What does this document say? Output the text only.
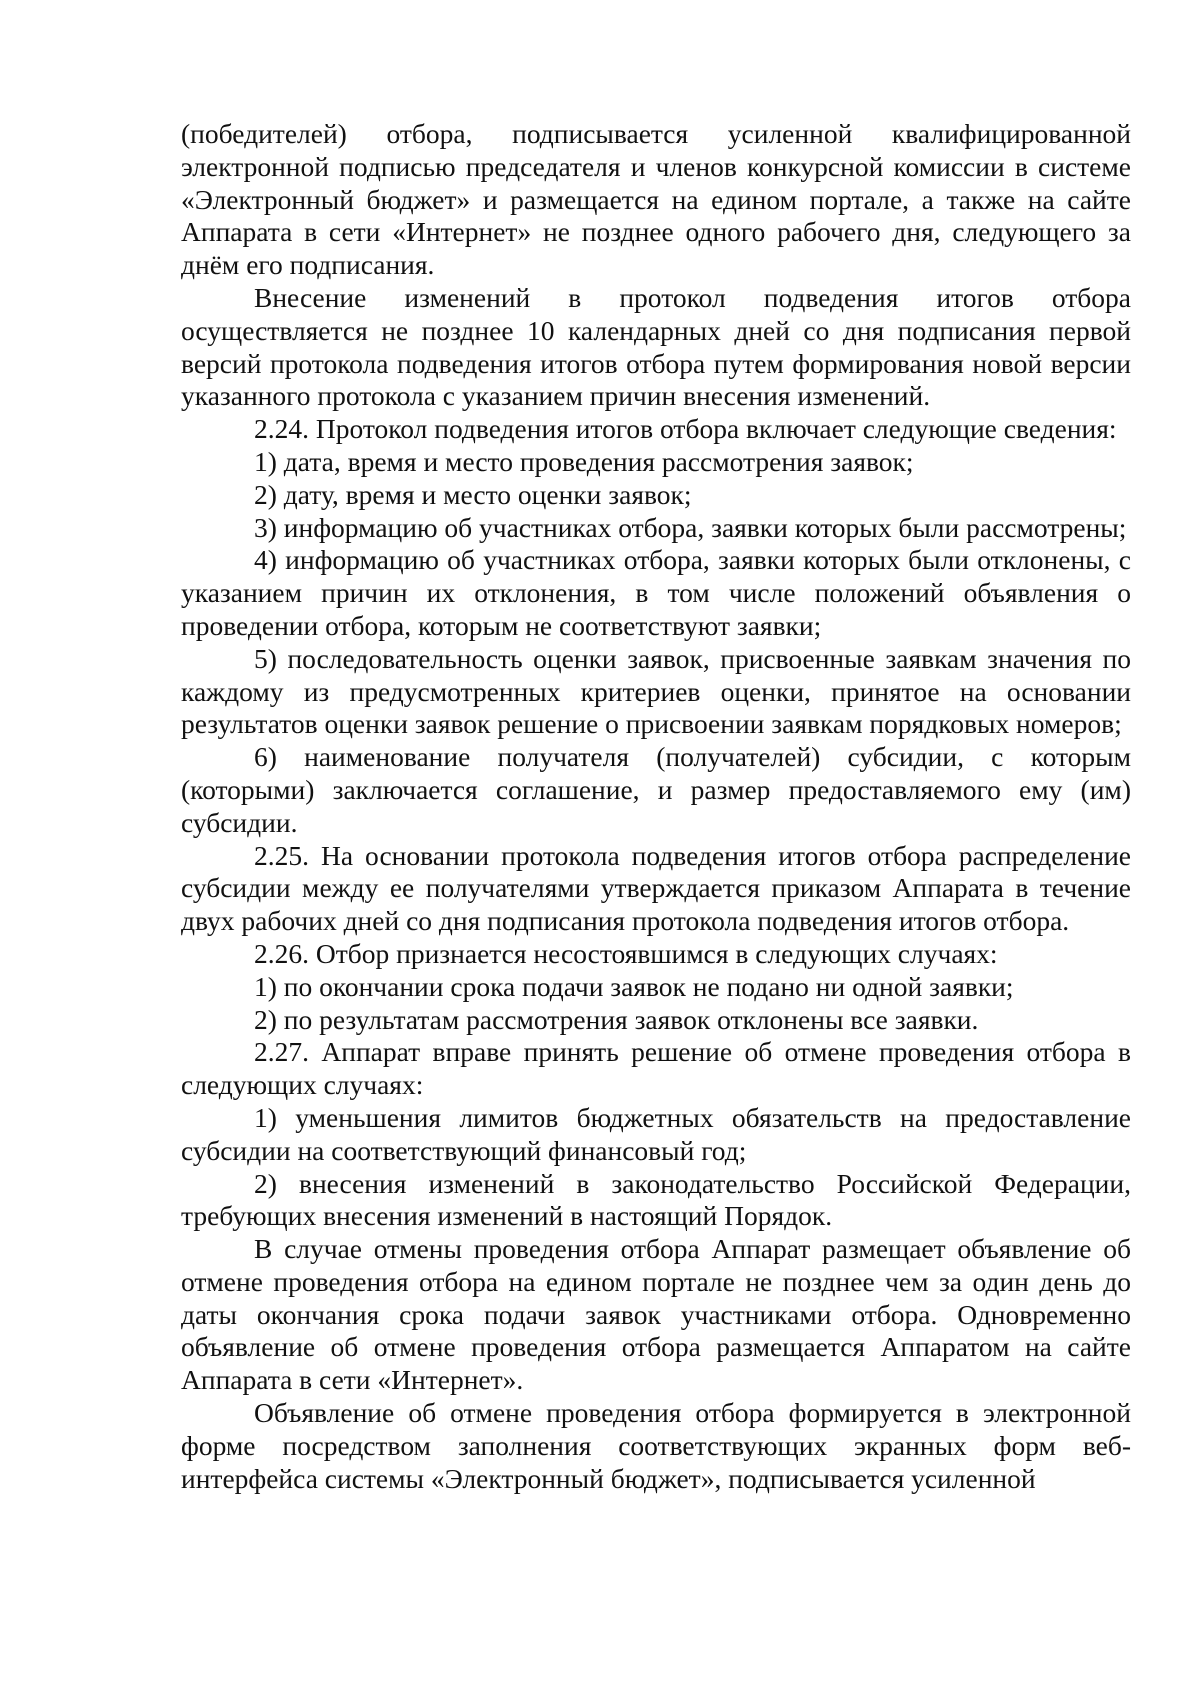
(победителей) отбора, подписывается усиленной квалифицированной электронной подписью председателя и членов конкурсной комиссии в системе «Электронный бюджет» и размещается на едином портале, а также на сайте Аппарата в сети «Интернет» не позднее одного рабочего дня, следующего за днём его подписания.

Внесение изменений в протокол подведения итогов отбора осуществляется не позднее 10 календарных дней со дня подписания первой версий протокола подведения итогов отбора путем формирования новой версии указанного протокола с указанием причин внесения изменений.

2.24. Протокол подведения итогов отбора включает следующие сведения:

1) дата, время и место проведения рассмотрения заявок;

2) дату, время и место оценки заявок;

3) информацию об участниках отбора, заявки которых были рассмотрены;

4) информацию об участниках отбора, заявки которых были отклонены, с указанием причин их отклонения, в том числе положений объявления о проведении отбора, которым не соответствуют заявки;

5) последовательность оценки заявок, присвоенные заявкам значения по каждому из предусмотренных критериев оценки, принятое на основании результатов оценки заявок решение о присвоении заявкам порядковых номеров;

6) наименование получателя (получателей) субсидии, с которым (которыми) заключается соглашение, и размер предоставляемого ему (им) субсидии.

2.25. На основании протокола подведения итогов отбора распределение субсидии между ее получателями утверждается приказом Аппарата в течение двух рабочих дней со дня подписания протокола подведения итогов отбора.

2.26. Отбор признается несостоявшимся в следующих случаях:

1) по окончании срока подачи заявок не подано ни одной заявки;

2) по результатам рассмотрения заявок отклонены все заявки.

2.27. Аппарат вправе принять решение об отмене проведения отбора в следующих случаях:

1) уменьшения лимитов бюджетных обязательств на предоставление субсидии на соответствующий финансовый год;

2) внесения изменений в законодательство Российской Федерации, требующих внесения изменений в настоящий Порядок.

В случае отмены проведения отбора Аппарат размещает объявление об отмене проведения отбора на едином портале не позднее чем за один день до даты окончания срока подачи заявок участниками отбора. Одновременно объявление об отмене проведения отбора размещается Аппаратом на сайте Аппарата в сети «Интернет».

Объявление об отмене проведения отбора формируется в электронной форме посредством заполнения соответствующих экранных форм веб-интерфейса системы «Электронный бюджет», подписывается усиленной
